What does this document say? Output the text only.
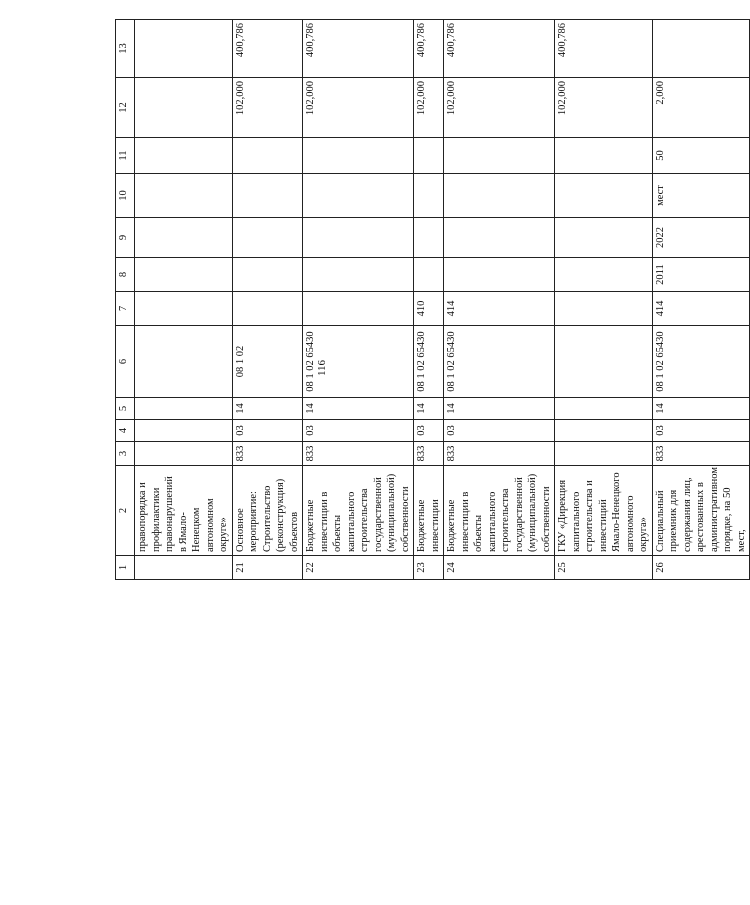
116
1	2	3	4	5	6	7	8	9	10	11	12	13
	правопорядка и профилактики правонарушений в Ямало-Ненецком автономном округе»											
21	Основное мероприятие: Строительство (реконструкция) объектов	833	03	14	08 1 02						102,000	400,786
22	Бюджетные инвестиции в объекты капитального строительства государственной (муниципальной) собственности	833	03	14	08 1 02 65430						102,000	400,786
23	Бюджетные инвестиции	833	03	14	08 1 02 65430	410					102,000	400,786
24	Бюджетные инвестиции в объекты капитального строительства государственной (муниципальной) собственности	833	03	14	08 1 02 65430	414					102,000	400,786
25	ГКУ «Дирекция капитального строительства и инвестиций Ямало-Ненецкого автономного округа»										102,000	400,786
26	Специальный приемник для содержания лиц, арестованных в административном порядке, на 50 мест,	833	03	14	08 1 02 65430	414	2011	2022	мест	50	2,000	
